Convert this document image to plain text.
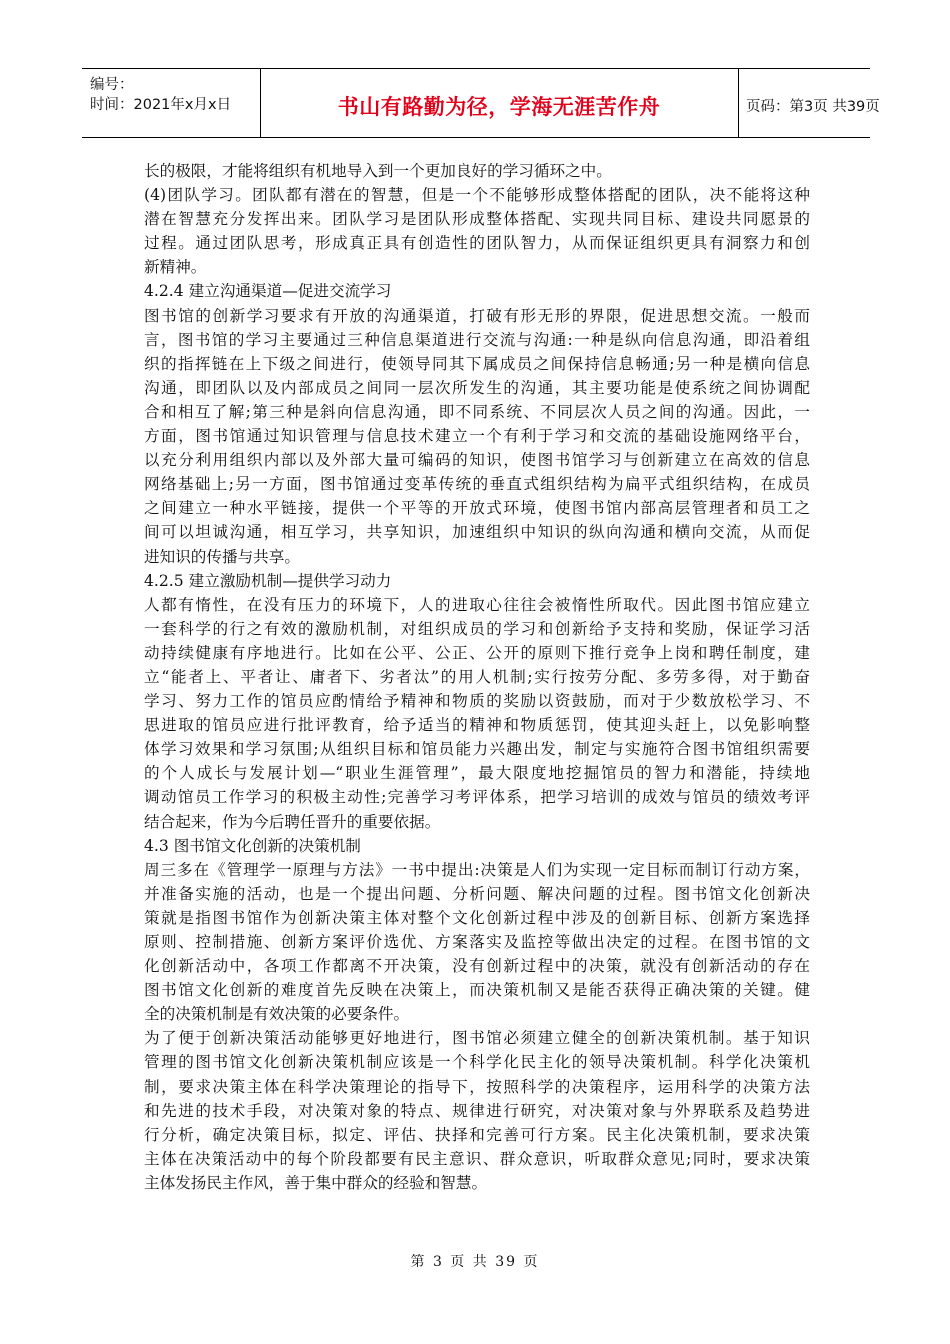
编号：
时间：2021年x月x日	书山有路勤为径，学海无涯苦作舟	页码：第3页 共39页
长的极限，才能将组织有机地导入到一个更加良好的学习循环之中。
(4)团队学习。团队都有潜在的智慧，但是一个不能够形成整体搭配的团队，决不能将这种
潜在智慧充分发挥出来。团队学习是团队形成整体搭配、实现共同目标、建设共同愿景的
过程。通过团队思考，形成真正具有创造性的团队智力，从而保证组织更具有洞察力和创
新精神。
4.2.4 建立沟通渠道—促进交流学习
图书馆的创新学习要求有开放的沟通渠道，打破有形无形的界限，促进思想交流。一般而
言，图书馆的学习主要通过三种信息渠道进行交流与沟通:一种是纵向信息沟通，即沿着组
织的指挥链在上下级之间进行，使领导同其下属成员之间保持信息畅通;另一种是横向信息
沟通，即团队以及内部成员之间同一层次所发生的沟通，其主要功能是使系统之间协调配
合和相互了解;第三种是斜向信息沟通，即不同系统、不同层次人员之间的沟通。因此，一
方面，图书馆通过知识管理与信息技术建立一个有利于学习和交流的基础设施网络平台，
以充分利用组织内部以及外部大量可编码的知识，使图书馆学习与创新建立在高效的信息
网络基础上;另一方面，图书馆通过变革传统的垂直式组织结构为扁平式组织结构，在成员
之间建立一种水平链接，提供一个平等的开放式环境，使图书馆内部高层管理者和员工之
间可以坦诚沟通，相互学习，共享知识，加速组织中知识的纵向沟通和横向交流，从而促
进知识的传播与共享。
4.2.5 建立激励机制—提供学习动力
人都有惰性，在没有压力的环境下，人的进取心往往会被惰性所取代。因此图书馆应建立
一套科学的行之有效的激励机制，对组织成员的学习和创新给予支持和奖励，保证学习活
动持续健康有序地进行。比如在公平、公正、公开的原则下推行竞争上岗和聘任制度，建
立“能者上、平者让、庸者下、劣者汰”的用人机制;实行按劳分配、多劳多得，对于勤奋
学习、努力工作的馆员应酌情给予精神和物质的奖励以资鼓励，而对于少数放松学习、不
思进取的馆员应进行批评教育，给予适当的精神和物质惩罚，使其迎头赶上，以免影响整
体学习效果和学习氛围;从组织目标和馆员能力兴趣出发，制定与实施符合图书馆组织需要
的个人成长与发展计划—“职业生涯管理”，最大限度地挖掘馆员的智力和潜能，持续地
调动馆员工作学习的积极主动性;完善学习考评体系，把学习培训的成效与馆员的绩效考评
结合起来，作为今后聘任晋升的重要依据。
4.3 图书馆文化创新的决策机制
周三多在《管理学一原理与方法》一书中提出:决策是人们为实现一定目标而制订行动方案，
并准备实施的活动，也是一个提出问题、分析问题、解决问题的过程。图书馆文化创新决
策就是指图书馆作为创新决策主体对整个文化创新过程中涉及的创新目标、创新方案选择
原则、控制措施、创新方案评价选优、方案落实及监控等做出决定的过程。在图书馆的文
化创新活动中，各项工作都离不开决策，没有创新过程中的决策，就没有创新活动的存在
图书馆文化创新的难度首先反映在决策上，而决策机制又是能否获得正确决策的关键。健
全的决策机制是有效决策的必要条件。
为了便于创新决策活动能够更好地进行，图书馆必须建立健全的创新决策机制。基于知识
管理的图书馆文化创新决策机制应该是一个科学化民主化的领导决策机制。科学化决策机
制，要求决策主体在科学决策理论的指导下，按照科学的决策程序，运用科学的决策方法
和先进的技术手段，对决策对象的特点、规律进行研究，对决策对象与外界联系及趋势进
行分析，确定决策目标，拟定、评估、抉择和完善可行方案。民主化决策机制，要求决策
主体在决策活动中的每个阶段都要有民主意识、群众意识，听取群众意见;同时，要求决策
主体发扬民主作风，善于集中群众的经验和智慧。
第 3 页 共 39 页
